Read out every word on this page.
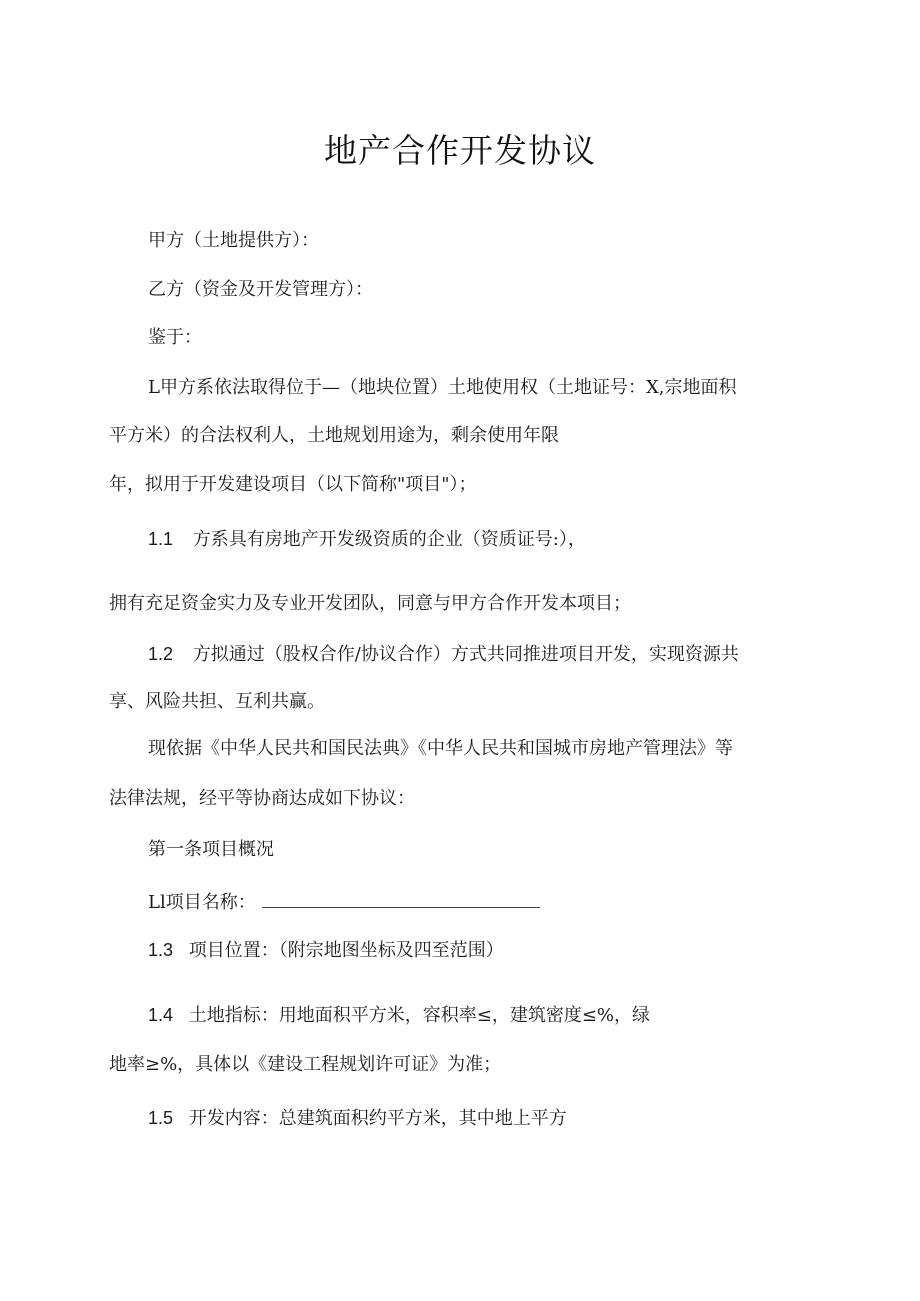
地产合作开发协议
甲方（土地提供方）：
乙方（资金及开发管理方）：
鉴于：
L甲方系依法取得位于—（地块位置）土地使用权（土地证号：X,宗地面积
平方米）的合法权利人，土地规划用途为，剩余使用年限
年，拟用于开发建设项目（以下简称"项目"）；
1.1 方系具有房地产开发级资质的企业（资质证号:），
拥有充足资金实力及专业开发团队，同意与甲方合作开发本项目；
1.2 方拟通过（股权合作/协议合作）方式共同推进项目开发，实现资源共
享、风险共担、互利共赢。
现依据《中华人民共和国民法典》《中华人民共和国城市房地产管理法》等
法律法规，经平等协商达成如下协议：
第一条项目概况
Ll项目名称：
1.3 项目位置：（附宗地图坐标及四至范围）
1.4 土地指标：用地面积平方米，容积率≤，建筑密度≤%，绿
地率≥%，具体以《建设工程规划许可证》为准；
1.5 开发内容：总建筑面积约平方米，其中地上平方
